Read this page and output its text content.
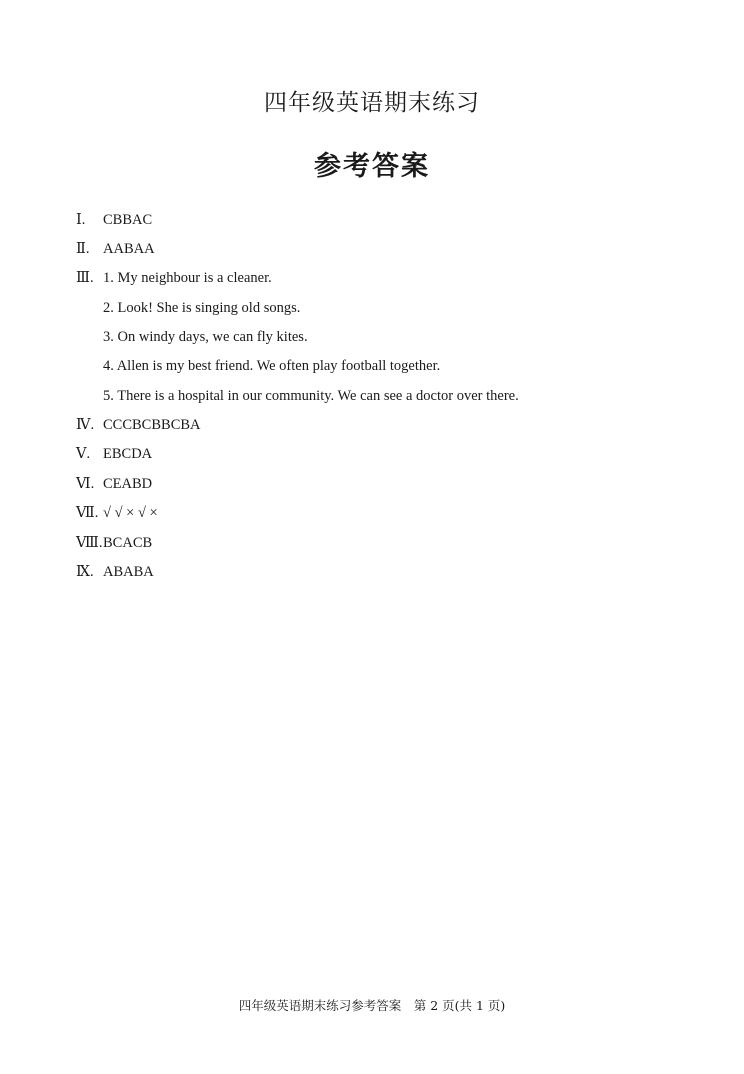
四年级英语期末练习
参考答案
Ⅰ. CBBAC
Ⅱ. AABAA
Ⅲ. 1. My neighbour is a cleaner.
2. Look! She is singing old songs.
3. On windy days, we can fly kites.
4. Allen is my best friend. We often play football together.
5. There is a hospital in our community. We can see a doctor over there.
Ⅳ. CCCBCBBCBA
Ⅴ. EBCDA
Ⅵ. CEABD
Ⅶ. √ √ × √ ×
Ⅷ. BCACB
Ⅸ. ABABA
四年级英语期末练习参考答案　第 2 页(共 1 页)
